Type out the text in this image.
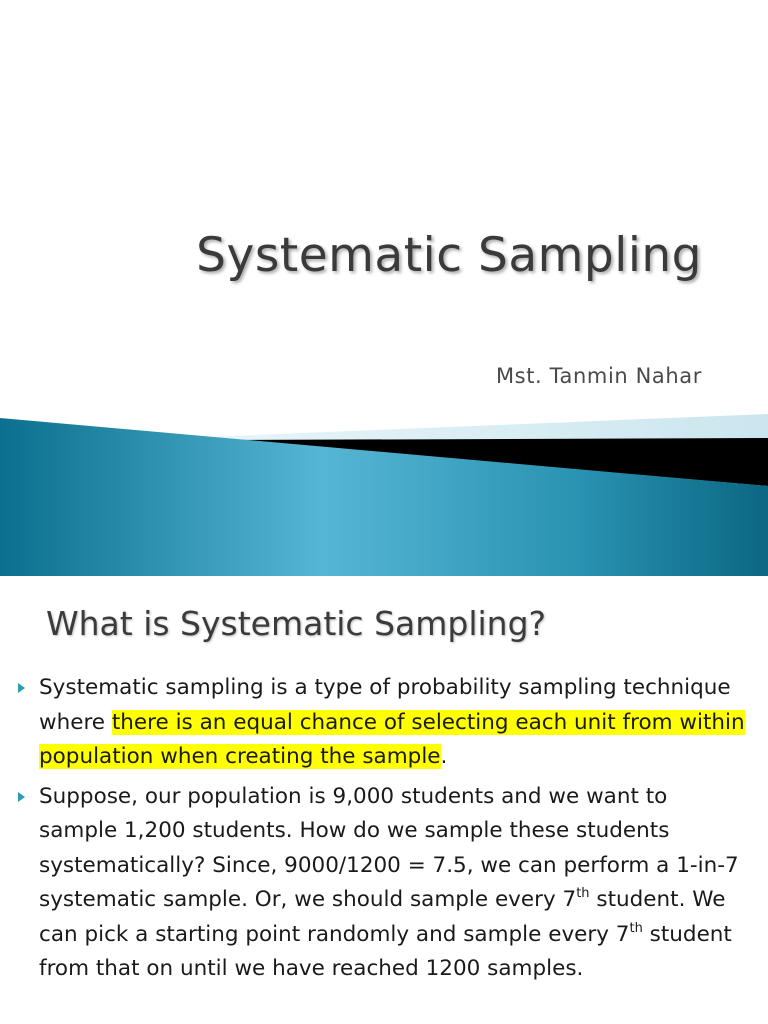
Systematic Sampling

Mst. Tanmin Nahar

What is Systematic Sampling?
Systematic sampling is a type of probability sampling technique where there is an equal chance of selecting each unit from within population when creating the sample.
Suppose, our population is 9,000 students and we want to sample 1,200 students. How do we sample these students systematically? Since, 9000/1200 = 7.5, we can perform a 1-in-7 systematic sample. Or, we should sample every 7th student. We can pick a starting point randomly and sample every 7th student from that on until we have reached 1200 samples.
